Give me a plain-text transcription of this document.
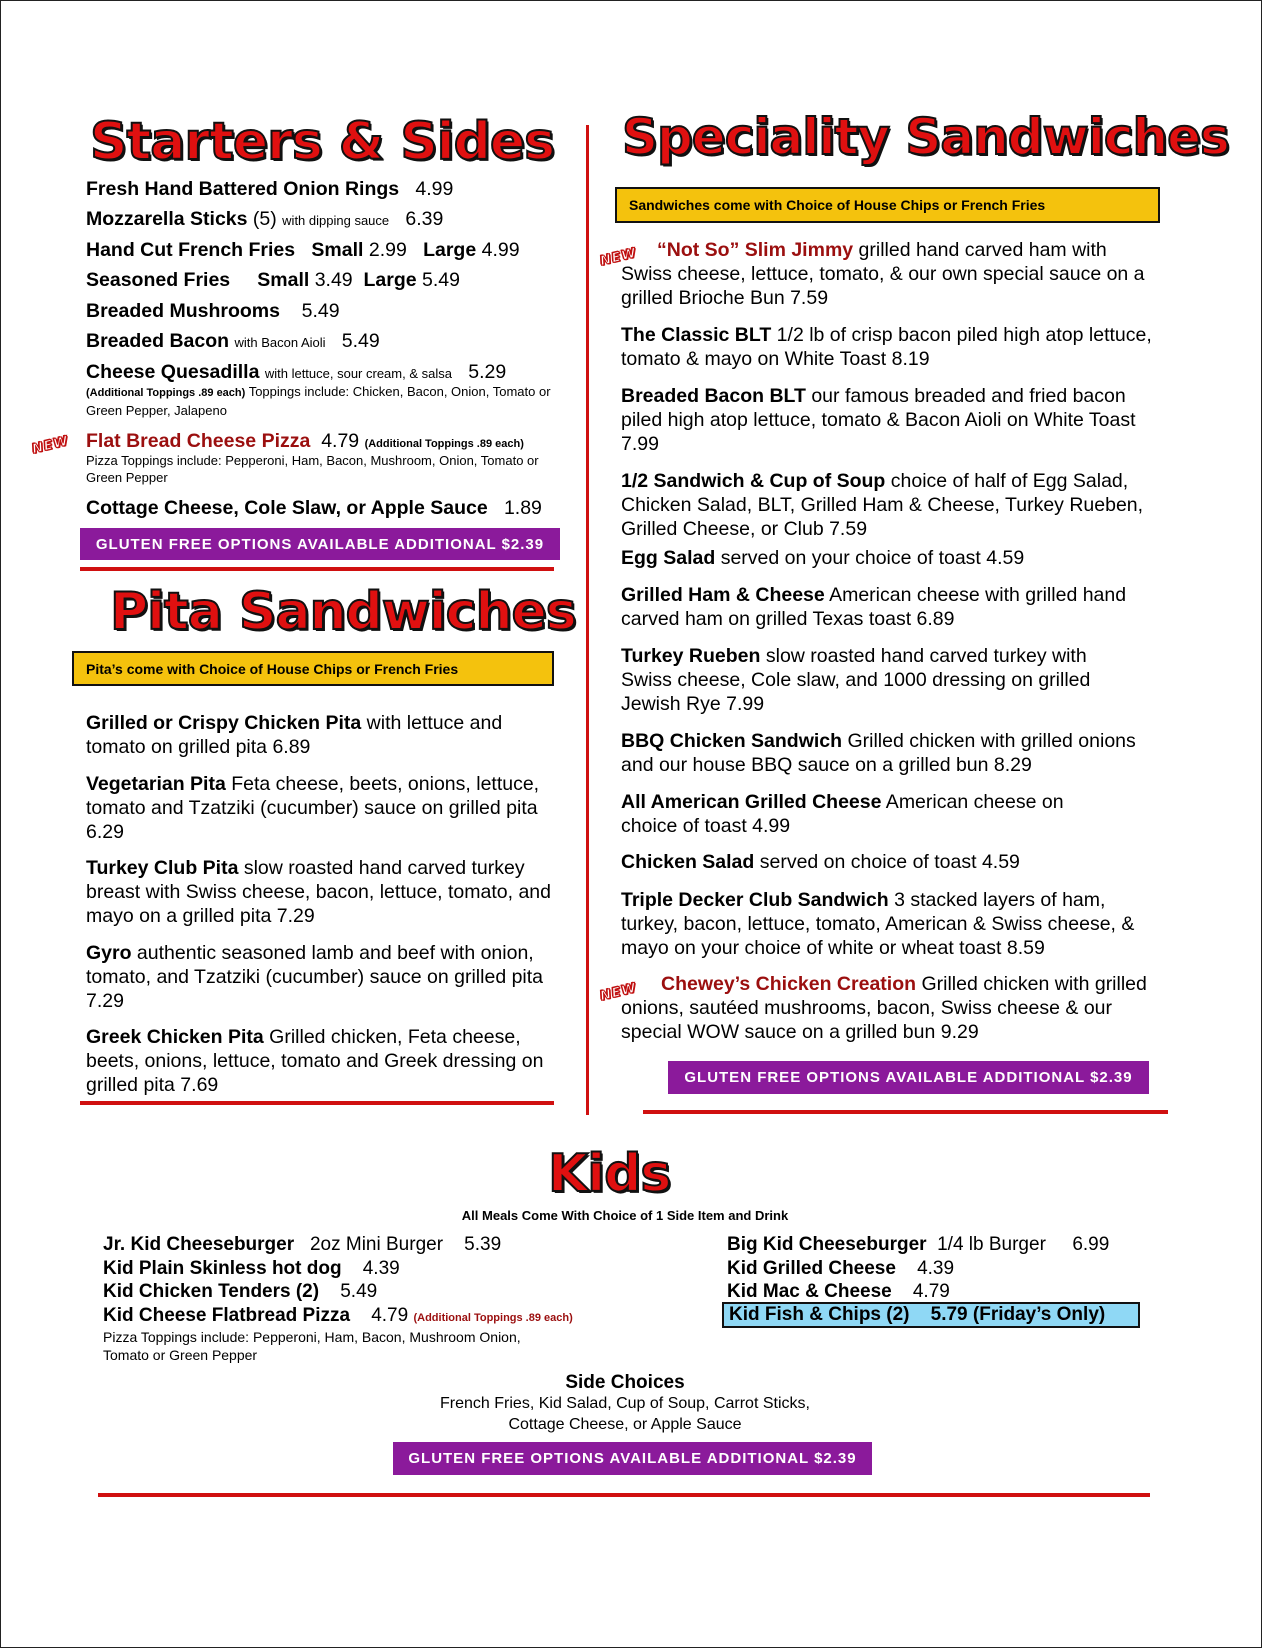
Starters & Sides
Fresh Hand Battered Onion Rings 4.99
Mozzarella Sticks (5) with dipping sauce 6.39
Hand Cut French Fries Small 2.99 Large 4.99
Seasoned Fries Small 3.49 Large 5.49
Breaded Mushrooms 5.49
Breaded Bacon with Bacon Aioli 5.49
Cheese Quesadilla with lettuce, sour cream, & salsa 5.29
(Additional Toppings .89 each) Toppings include: Chicken, Bacon, Onion, Tomato or Green Pepper, Jalapeno
NEW Flat Bread Cheese Pizza 4.79 (Additional Toppings .89 each)
Pizza Toppings include: Pepperoni, Ham, Bacon, Mushroom, Onion, Tomato or Green Pepper
Cottage Cheese, Cole Slaw, or Apple Sauce 1.89
GLUTEN FREE OPTIONS AVAILABLE ADDITIONAL $2.39
Pita Sandwiches
Pita’s come with Choice of House Chips or French Fries
Grilled or Crispy Chicken Pita with lettuce and tomato on grilled pita 6.89
Vegetarian Pita Feta cheese, beets, onions, lettuce, tomato and Tzatziki (cucumber) sauce on grilled pita 6.29
Turkey Club Pita slow roasted hand carved turkey breast with Swiss cheese, bacon, lettuce, tomato, and mayo on a grilled pita 7.29
Gyro authentic seasoned lamb and beef with onion, tomato, and Tzatziki (cucumber) sauce on grilled pita 7.29
Greek Chicken Pita Grilled chicken, Feta cheese, beets, onions, lettuce, tomato and Greek dressing on grilled pita 7.69
Speciality Sandwiches
Sandwiches come with Choice of House Chips or French Fries
NEW “Not So” Slim Jimmy grilled hand carved ham with Swiss cheese, lettuce, tomato, & our own special sauce on a grilled Brioche Bun 7.59
The Classic BLT 1/2 lb of crisp bacon piled high atop lettuce, tomato & mayo on White Toast 8.19
Breaded Bacon BLT our famous breaded and fried bacon piled high atop lettuce, tomato & Bacon Aioli on White Toast 7.99
1/2 Sandwich & Cup of Soup choice of half of Egg Salad, Chicken Salad, BLT, Grilled Ham & Cheese, Turkey Rueben, Grilled Cheese, or Club 7.59
Egg Salad served on your choice of toast 4.59
Grilled Ham & Cheese American cheese with grilled hand carved ham on grilled Texas toast 6.89
Turkey Rueben slow roasted hand carved turkey with Swiss cheese, Cole slaw, and 1000 dressing on grilled Jewish Rye 7.99
BBQ Chicken Sandwich Grilled chicken with grilled onions and our house BBQ sauce on a grilled bun 8.29
All American Grilled Cheese American cheese on choice of toast 4.99
Chicken Salad served on choice of toast 4.59
Triple Decker Club Sandwich 3 stacked layers of ham, turkey, bacon, lettuce, tomato, American & Swiss cheese, & mayo on your choice of white or wheat toast 8.59
NEW	Chewey’s Chicken Creation Grilled chicken with grilled onions, sautéed mushrooms, bacon, Swiss cheese & our special WOW sauce on a grilled bun 9.29
GLUTEN FREE OPTIONS AVAILABLE ADDITIONAL $2.39
Kids
All Meals Come With Choice of 1 Side Item and Drink
Jr. Kid Cheeseburger 2oz Mini Burger 5.39
Kid Plain Skinless hot dog 4.39
Kid Chicken Tenders (2) 5.49
Kid Cheese Flatbread Pizza 4.79 (Additional Toppings .89 each)
Pizza Toppings include: Pepperoni, Ham, Bacon, Mushroom Onion, Tomato or Green Pepper
Big Kid Cheeseburger 1/4 lb Burger 6.99
Kid Grilled Cheese 4.39
Kid Mac & Cheese 4.79
Kid Fish & Chips (2) 5.79 (Friday’s Only)
Side Choices
French Fries, Kid Salad, Cup of Soup, Carrot Sticks,
Cottage Cheese, or Apple Sauce
GLUTEN FREE OPTIONS AVAILABLE ADDITIONAL $2.39
